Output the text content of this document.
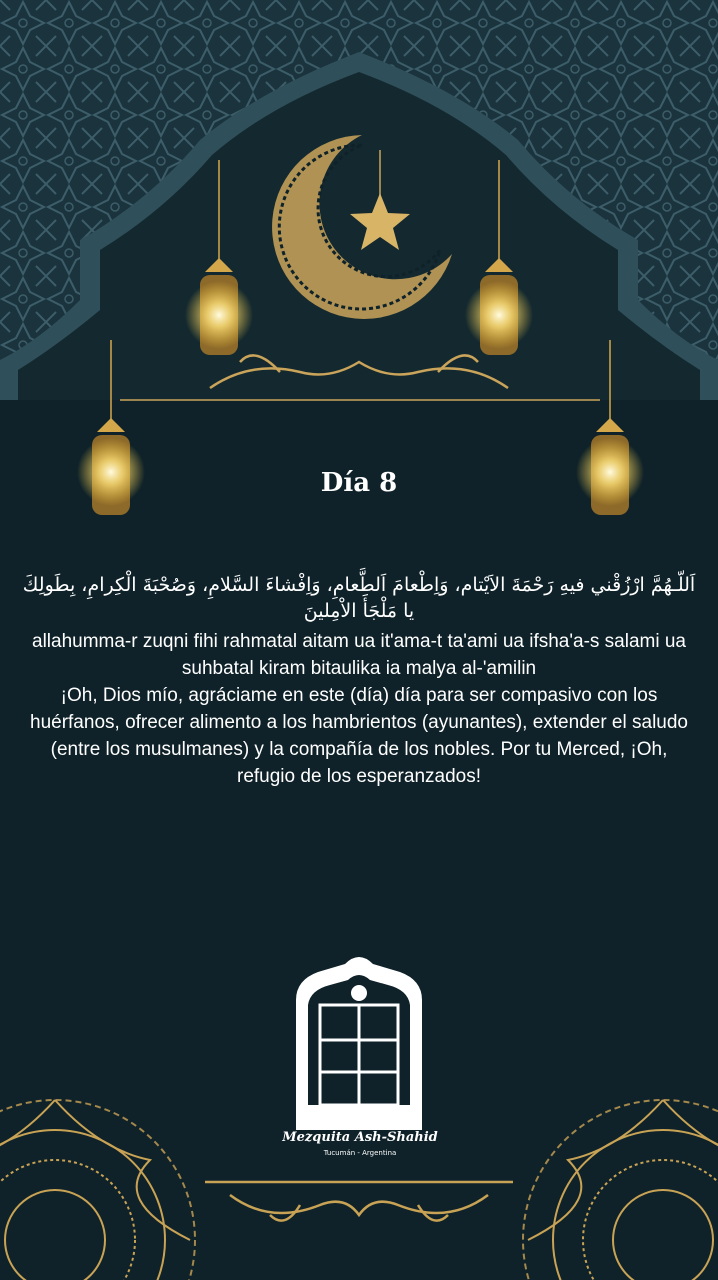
Día 8

اَللّـهُمَّ ارْزُقْني فيهِ رَحْمَةَ الاَيْتام، وَاِطْعامَ اَلطَّعامِ، وَاِفْشاءَ السَّلامِ، وَصُحْبَةَ الْكِرامِ، بِطَولِكَ يا مَلْجَأَ الاْمِلينَ

allahumma-r zuqni fihi rahmatal aitam ua it'ama-t ta'ami ua ifsha'a-s salami ua suhbatal kiram bitaulika ia malya al-'amilin

¡Oh, Dios mío, agráciame en este (día) día para ser compasivo con los huérfanos, ofrecer alimento a los hambrientos (ayunantes), extender el saludo (entre los musulmanes) y la compañía de los nobles. Por tu Merced, ¡Oh, refugio de los esperanzados!

مسجد الشهيد
Mezquita Ash-Shahid
Tucumán - Argentina
